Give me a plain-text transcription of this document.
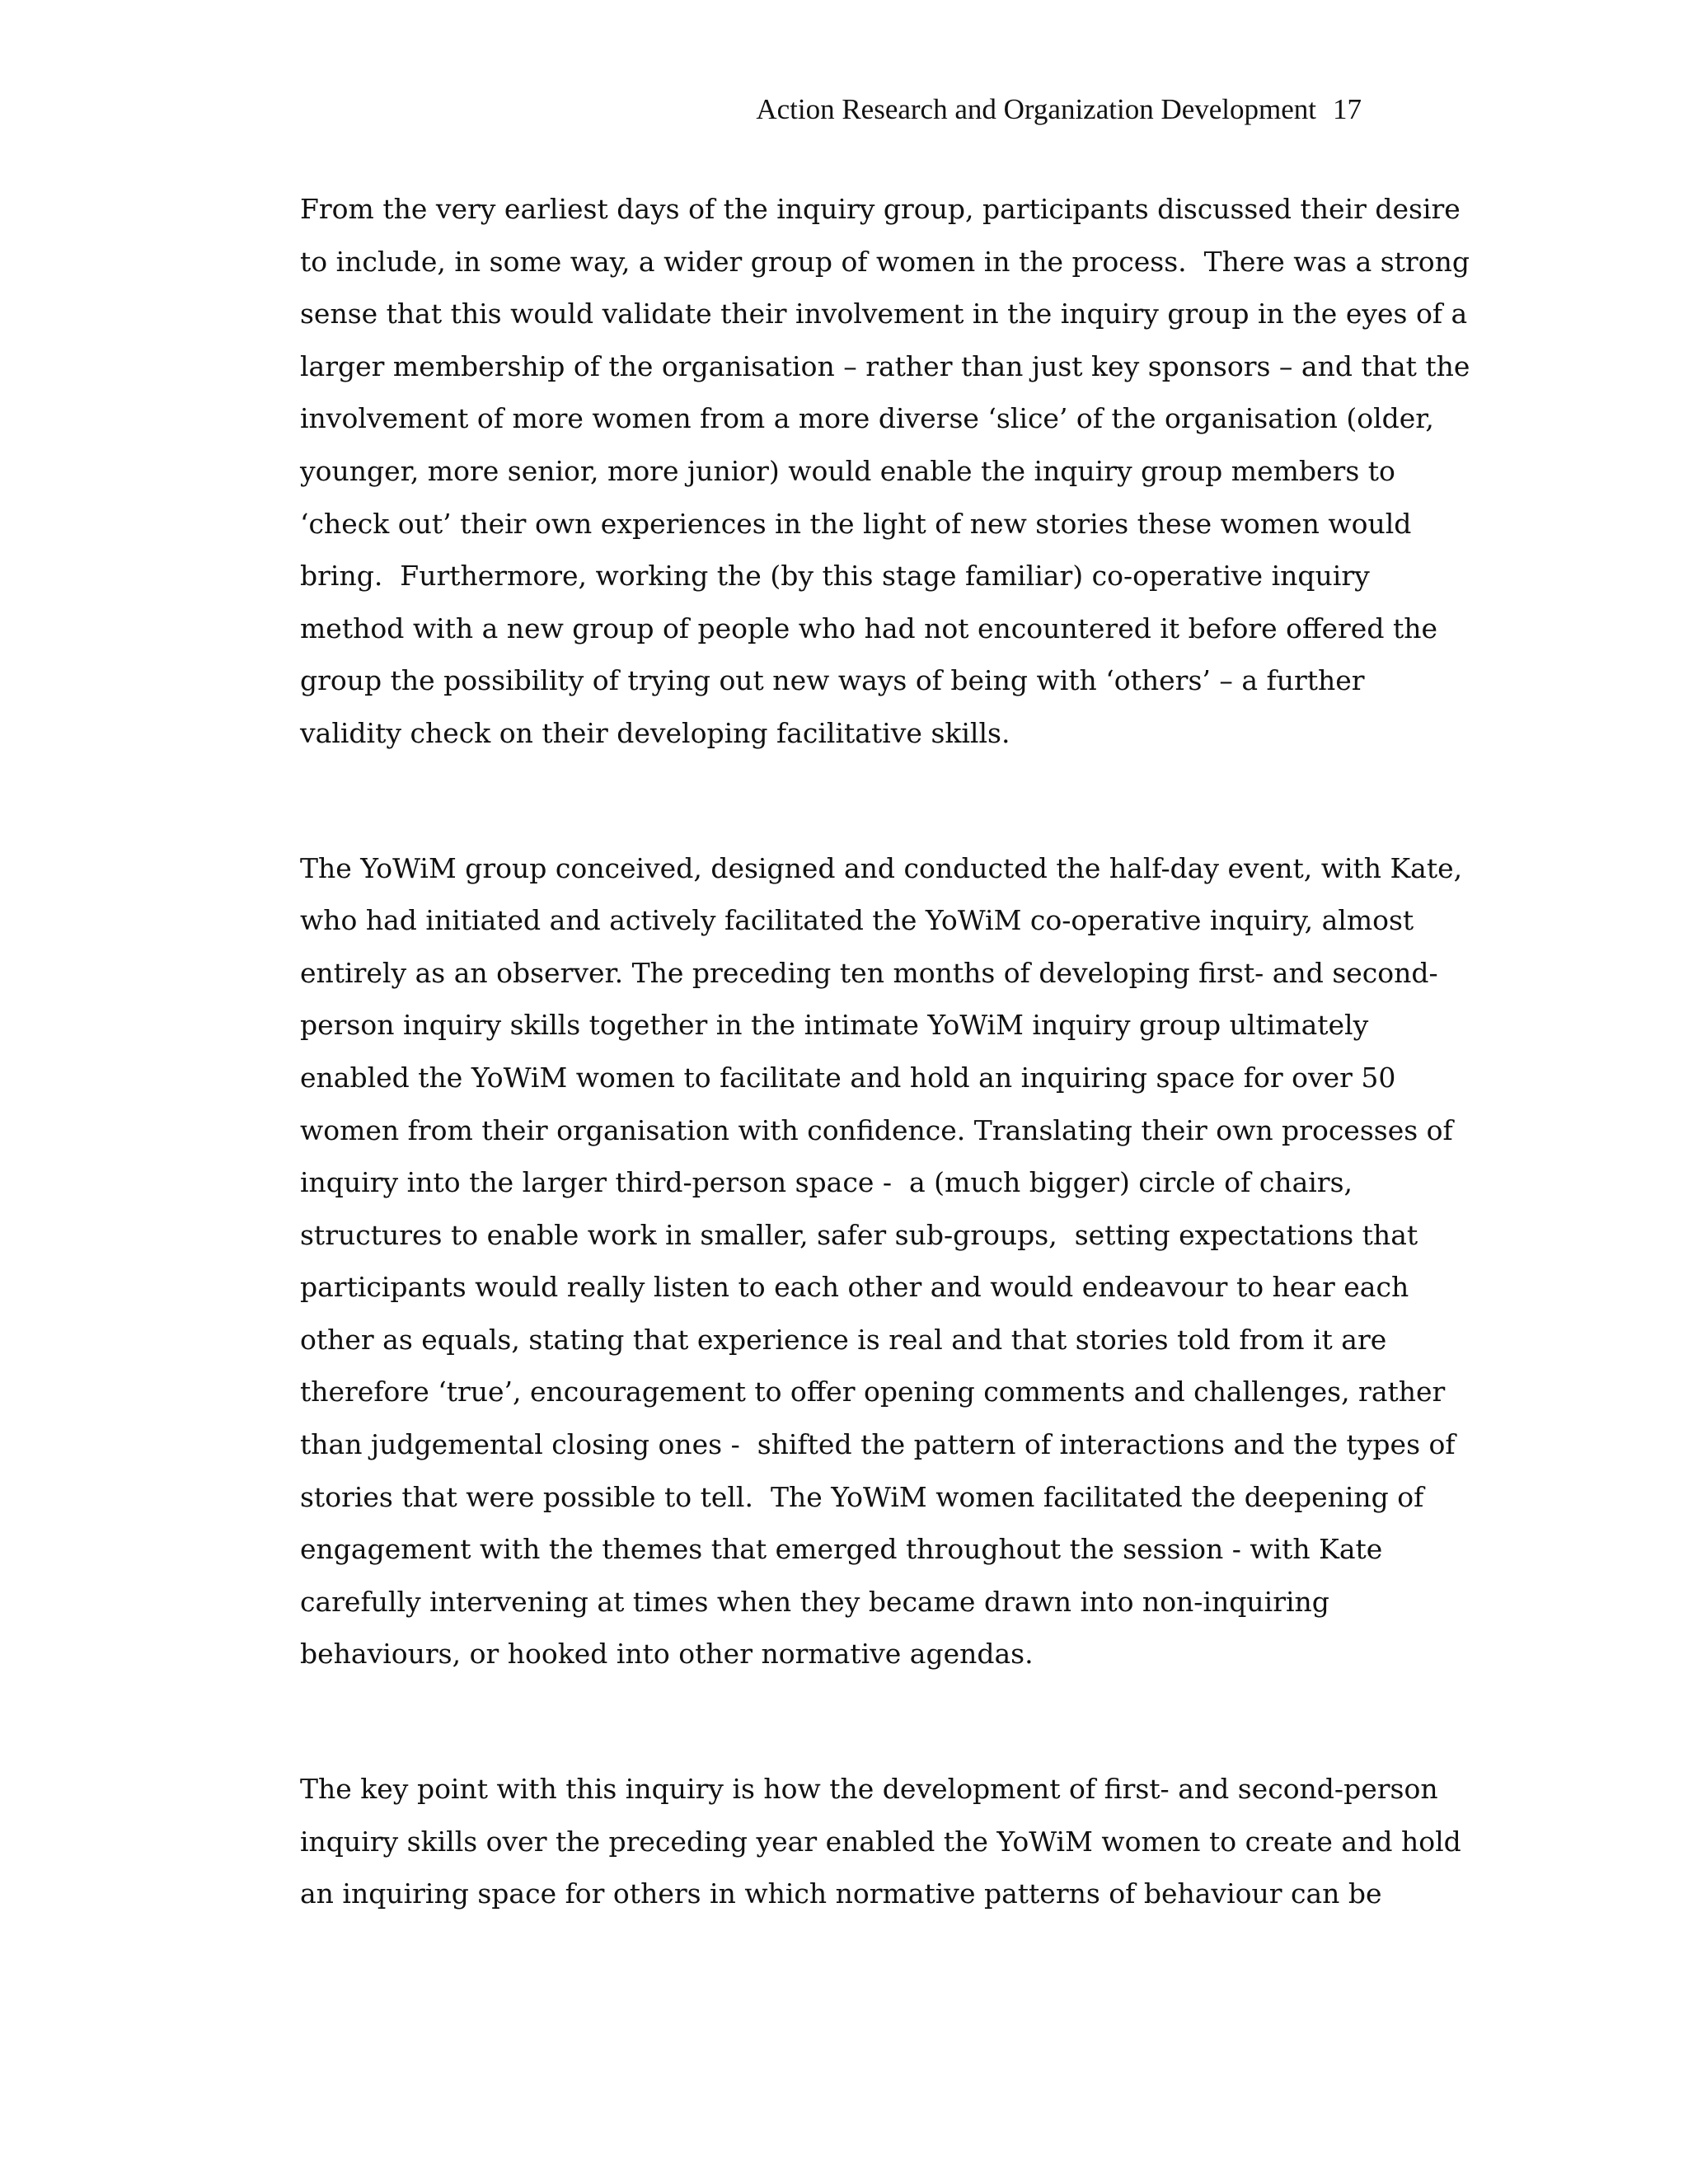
Action Research and Organization Development 17
From the very earliest days of the inquiry group, participants discussed their desire
to include, in some way, a wider group of women in the process.  There was a strong
sense that this would validate their involvement in the inquiry group in the eyes of a
larger membership of the organisation – rather than just key sponsors – and that the
involvement of more women from a more diverse ‘slice’ of the organisation (older,
younger, more senior, more junior) would enable the inquiry group members to
‘check out’ their own experiences in the light of new stories these women would
bring.  Furthermore, working the (by this stage familiar) co-operative inquiry
method with a new group of people who had not encountered it before offered the
group the possibility of trying out new ways of being with ‘others’ – a further
validity check on their developing facilitative skills.
The YoWiM group conceived, designed and conducted the half-day event, with Kate,
who had initiated and actively facilitated the YoWiM co-operative inquiry, almost
entirely as an observer. The preceding ten months of developing first- and second-
person inquiry skills together in the intimate YoWiM inquiry group ultimately
enabled the YoWiM women to facilitate and hold an inquiring space for over 50
women from their organisation with confidence. Translating their own processes of
inquiry into the larger third-person space -  a (much bigger) circle of chairs,
structures to enable work in smaller, safer sub-groups,  setting expectations that
participants would really listen to each other and would endeavour to hear each
other as equals, stating that experience is real and that stories told from it are
therefore ‘true’, encouragement to offer opening comments and challenges, rather
than judgemental closing ones -  shifted the pattern of interactions and the types of
stories that were possible to tell.  The YoWiM women facilitated the deepening of
engagement with the themes that emerged throughout the session - with Kate
carefully intervening at times when they became drawn into non-inquiring
behaviours, or hooked into other normative agendas.
The key point with this inquiry is how the development of first- and second-person
inquiry skills over the preceding year enabled the YoWiM women to create and hold
an inquiring space for others in which normative patterns of behaviour can be
